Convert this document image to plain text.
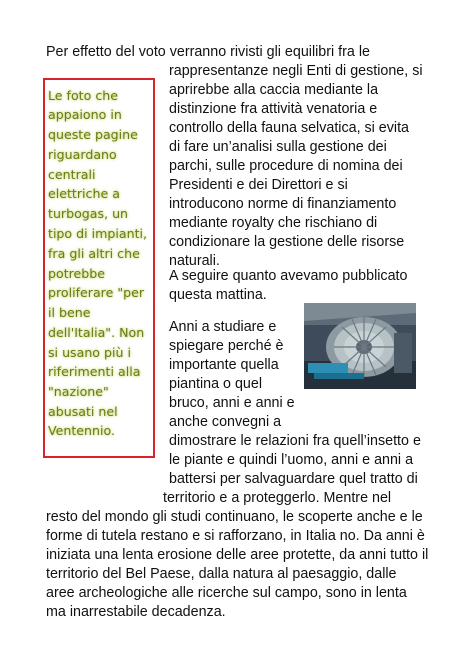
Per effetto del voto verranno rivisti gli equilibri fra le
rappresentanze negli Enti di gestione, si
aprirebbe alla caccia mediante la
distinzione fra attività venatoria e
controllo della fauna selvatica, si evita
di fare un’analisi sulla gestione dei
parchi, sulle procedure di nomina dei
Presidenti e dei Direttori e si
introducono norme di finanziamento
mediante royalty che rischiano di
condizionare la gestione delle risorse
naturali.
A seguire quanto avevamo pubblicato
questa mattina.
Anni a studiare e
spiegare perché è
importante quella
piantina o quel
bruco, anni e anni e
anche convegni a
dimostrare le relazioni fra quell’insetto e
le piante e quindi l’uomo, anni e anni a
battersi per salvaguardare quel tratto di
territorio e a proteggerlo. Mentre nel
resto del mondo gli studi continuano, le scoperte anche e le
forme di tutela restano e si rafforzano, in Italia no. Da anni è
iniziata una lenta erosione delle aree protette, da anni tutto il
territorio del Bel Paese, dalla natura al paesaggio, dalle
aree archeologiche alle ricerche sul campo, sono in lenta
ma inarrestabile decadenza.
Le foto che
appaiono in
queste pagine
riguardano
centrali
elettriche a
turbogas, un
tipo di impianti,
fra gli altri che
potrebbe
proliferare "per
il bene
dell'Italia". Non
si usano più i
riferimenti alla
"nazione"
abusati nel
Ventennio.
